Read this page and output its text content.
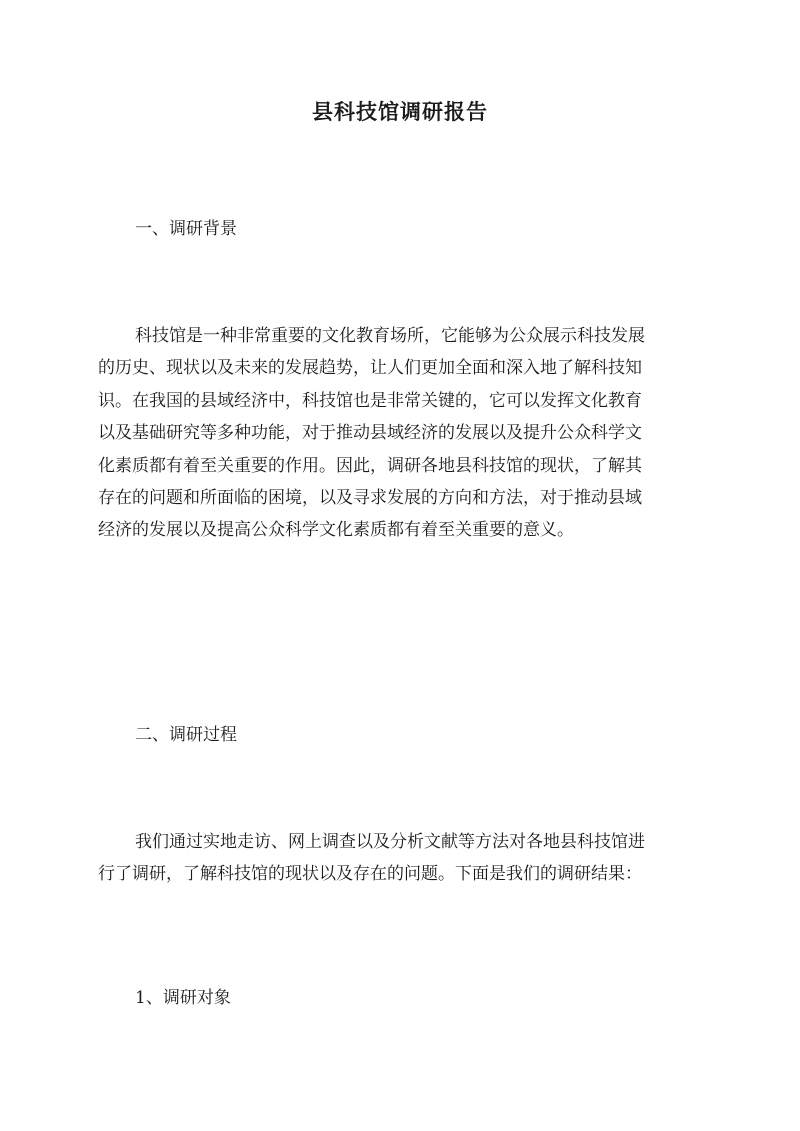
县科技馆调研报告
一、调研背景
科技馆是一种非常重要的文化教育场所，它能够为公众展示科技发展
的历史、现状以及未来的发展趋势，让人们更加全面和深入地了解科技知
识。在我国的县域经济中，科技馆也是非常关键的，它可以发挥文化教育
以及基础研究等多种功能，对于推动县域经济的发展以及提升公众科学文
化素质都有着至关重要的作用。因此，调研各地县科技馆的现状，了解其
存在的问题和所面临的困境，以及寻求发展的方向和方法，对于推动县域
经济的发展以及提高公众科学文化素质都有着至关重要的意义。
二、调研过程
我们通过实地走访、网上调查以及分析文献等方法对各地县科技馆进
行了调研，了解科技馆的现状以及存在的问题。下面是我们的调研结果：
1、调研对象
